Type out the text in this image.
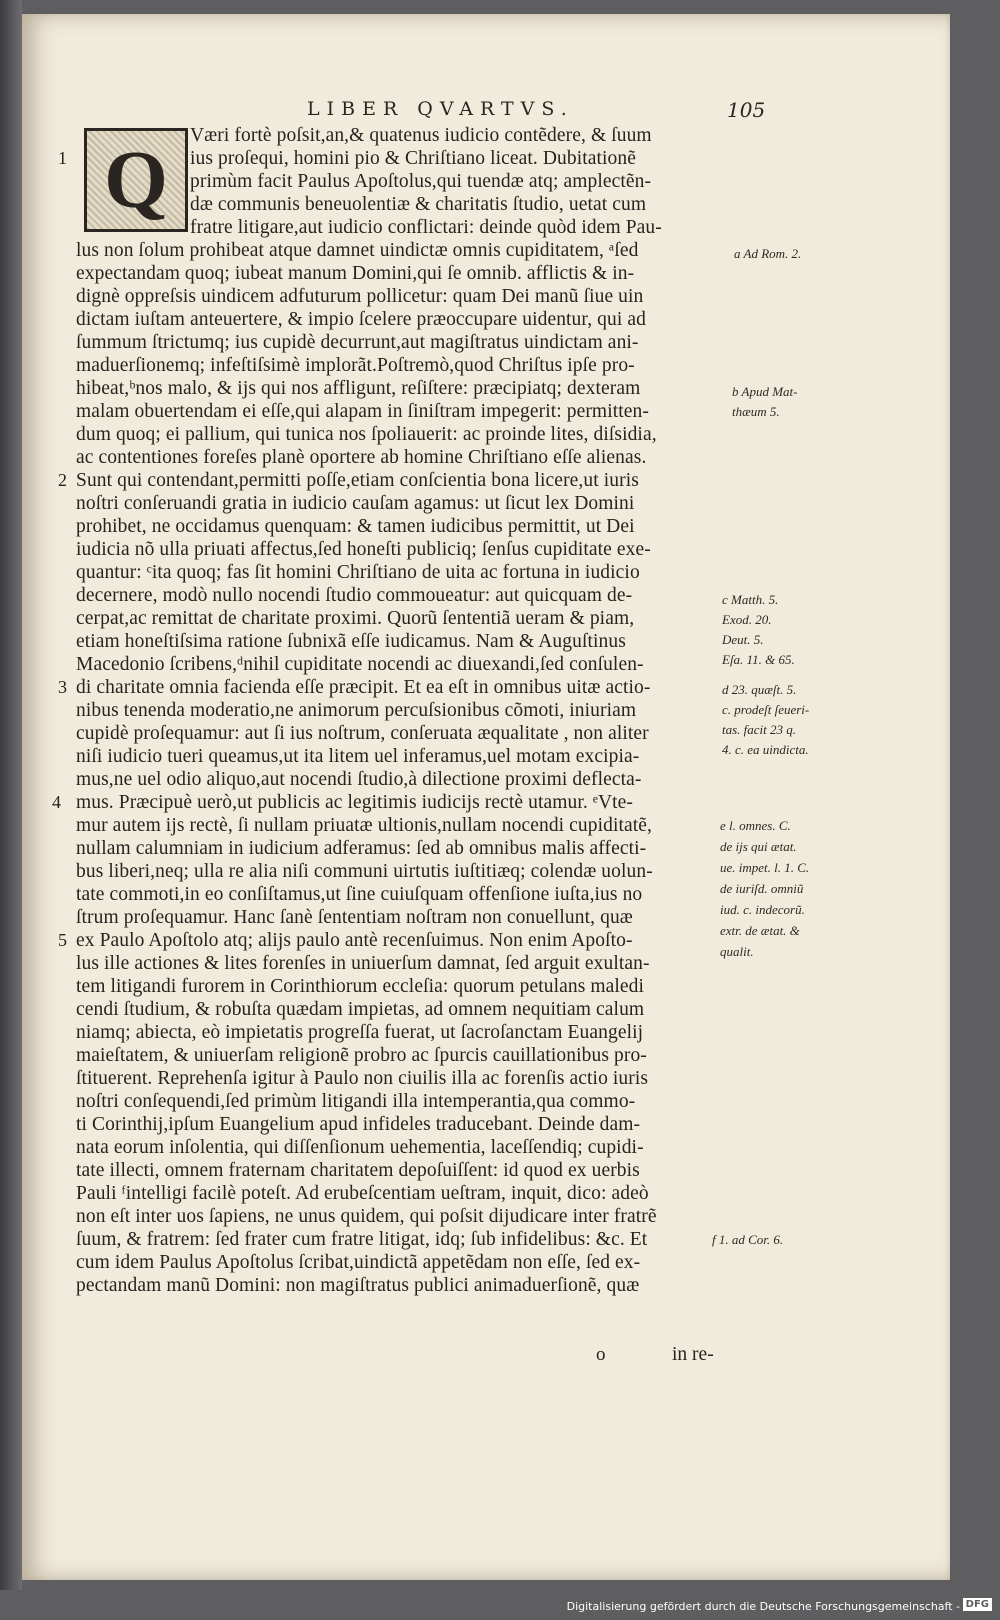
LIBER QVARTVS.	105
Q Væri fortè poſsit,an,& quatenus iudicio contẽdere, & ſuum
ius proſequi, homini pio & Chriſtiano liceat. Dubitationẽ
primùm facit Paulus Apoſtolus,qui tuendæ atq; amplectẽn-
dæ communis beneuolentiæ & charitatis ſtudio, uetat cum
fratre litigare,aut iudicio conflictari: deinde quòd idem Pau-
lus non ſolum prohibeat atque damnet uindictæ omnis cupiditatem, ᵃſed
expectandam quoq; iubeat manum Domini,qui ſe omnib. afflictis & in-
dignè oppreſsis uindicem adfuturum pollicetur: quam Dei manũ ſiue uin
dictam iuſtam anteuertere, & impio ſcelere præoccupare uidentur, qui ad
ſummum ſtrictumq; ius cupidè decurrunt,aut magiſtratus uindictam ani-
maduerſionemq; infeſtiſsimè implorãt.Poſtremò,quod Chriſtus ipſe pro-
hibeat,ᵇnos malo, & ijs qui nos affligunt, reſiſtere: præcipiatq; dexteram
malam obuertendam ei eſſe,qui alapam in ſiniſtram impegerit: permitten-
dum quoq; ei pallium, qui tunica nos ſpoliauerit: ac proinde lites, diſsidia,
ac contentiones foreſes planè oportere ab homine Chriſtiano eſſe alienas.
Sunt qui contendant,permitti poſſe,etiam conſcientia bona licere,ut iuris
noſtri conſeruandi gratia in iudicio cauſam agamus: ut ſicut lex Domini
prohibet, ne occidamus quenquam: & tamen iudicibus permittit, ut Dei
iudicia nõ ulla priuati affectus,ſed honeſti publiciq; ſenſus cupiditate exe-
quantur: ᶜita quoq; fas ſit homini Chriſtiano de uita ac fortuna in iudicio
decernere, modò nullo nocendi ſtudio commoueatur: aut quicquam de-
cerpat,ac remittat de charitate proximi. Quorũ ſententiã ueram & piam,
etiam honeſtiſsima ratione ſubnixã eſſe iudicamus. Nam & Auguſtinus
Macedonio ſcribens,ᵈnihil cupiditate nocendi ac diuexandi,ſed conſulen-
di charitate omnia facienda eſſe præcipit. Et ea eſt in omnibus uitæ actio-
nibus tenenda moderatio,ne animorum percuſsionibus cõmoti, iniuriam
cupidè proſequamur: aut ſi ius noſtrum, conſeruata æqualitate , non aliter
niſi iudicio tueri queamus,ut ita litem uel inferamus,uel motam excipia-
mus,ne uel odio aliquo,aut nocendi ſtudio,à dilectione proximi deflecta-
mus. Præcipuè uerò,ut publicis ac legitimis iudicijs rectè utamur. ᵉVte-
mur autem ijs rectè, ſi nullam priuatæ ultionis,nullam nocendi cupiditatẽ,
nullam calumniam in iudicium adferamus: ſed ab omnibus malis affecti-
bus liberi,neq; ulla re alia niſi communi uirtutis iuſtitiæq; colendæ uolun-
tate commoti,in eo conſiſtamus,ut ſine cuiuſquam offenſione iuſta,ius no
ſtrum proſequamur. Hanc ſanè ſententiam noſtram non conuellunt, quæ
ex Paulo Apoſtolo atq; alijs paulo antè recenſuimus. Non enim Apoſto-
lus ille actiones & lites forenſes in uniuerſum damnat, ſed arguit exultan-
tem litigandi furorem in Corinthiorum eccleſia: quorum petulans maledi
cendi ſtudium, & robuſta quædam impietas, ad omnem nequitiam calum
niamq; abiecta, eò impietatis progreſſa fuerat, ut ſacroſanctam Euangelij
maieſtatem, & uniuerſam religionẽ probro ac ſpurcis cauillationibus pro-
ſtituerent. Reprehenſa igitur à Paulo non ciuilis illa ac forenſis actio iuris
noſtri conſequendi,ſed primùm litigandi illa intemperantia,qua commo-
ti Corinthij,ipſum Euangelium apud infideles traducebant. Deinde dam-
nata eorum inſolentia, qui diſſenſionum uehementia, laceſſendiq; cupidi-
tate illecti, omnem fraternam charitatem depoſuiſſent: id quod ex uerbis
Pauli ᶠintelligi facilè poteſt. Ad erubeſcentiam ueſtram, inquit, dico: adeò
non eſt inter uos ſapiens, ne unus quidem, qui poſsit dijudicare inter fratrẽ
ſuum, & fratrem: ſed frater cum fratre litigat, idq; ſub infidelibus: &c. Et
cum idem Paulus Apoſtolus ſcribat,uindictã appetẽdam non eſſe, ſed ex-
pectandam manũ Domini: non magiſtratus publici animaduerſionẽ, quæ
1
2
3
4
5
a Ad Rom. 2.
b Apud Mat-
thæum 5.
c Matth. 5.
Exod. 20.
Deut. 5.
Eſa. 11. & 65.
d 23. quæſt. 5.
c. prodeſt ſeueri-
tas. facit 23 q.
4. c. ea uindicta.
e l. omnes. C.
de ijs qui ætat.
ue. impet. l. 1. C.
de iuriſd. omniũ
iud. c. indecorũ.
extr. de ætat. &
qualit.
f 1. ad Cor. 6.
o	in re-
Digitalisierung gefördert durch die Deutsche Forschungsgemeinschaft - DFG
